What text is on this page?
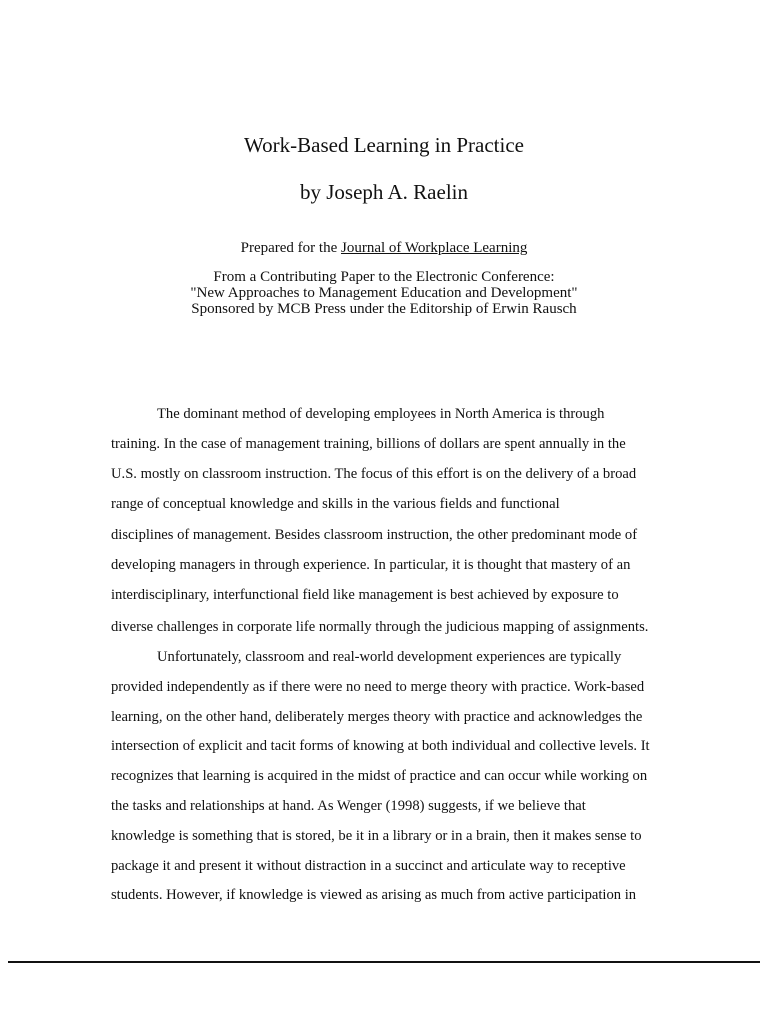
Work-Based Learning in Practice
by Joseph A. Raelin
Prepared for the Journal of Workplace Learning
From a Contributing Paper to the Electronic Conference:
"New Approaches to Management Education and Development"
Sponsored by MCB Press under the Editorship of Erwin Rausch
The dominant method of developing employees in North America is through
training. In the case of management training, billions of dollars are spent annually in the
U.S. mostly on classroom instruction. The focus of this effort is on the delivery of a broad
range of conceptual knowledge and skills in the various fields and functional
disciplines of management. Besides classroom instruction, the other predominant mode of
developing managers in through experience. In particular, it is thought that mastery of an
interdisciplinary, interfunctional field like management is best achieved by exposure to
diverse challenges in corporate life normally through the judicious mapping of assignments.
Unfortunately, classroom and real-world development experiences are typically
provided independently as if there were no need to merge theory with practice. Work-based
learning, on the other hand, deliberately merges theory with practice and acknowledges the
intersection of explicit and tacit forms of knowing at both individual and collective levels. It
recognizes that learning is acquired in the midst of practice and can occur while working on
the tasks and relationships at hand. As Wenger (1998) suggests, if we believe that
knowledge is something that is stored, be it in a library or in a brain, then it makes sense to
package it and present it without distraction in a succinct and articulate way to receptive
students. However, if knowledge is viewed as arising as much from active participation in
